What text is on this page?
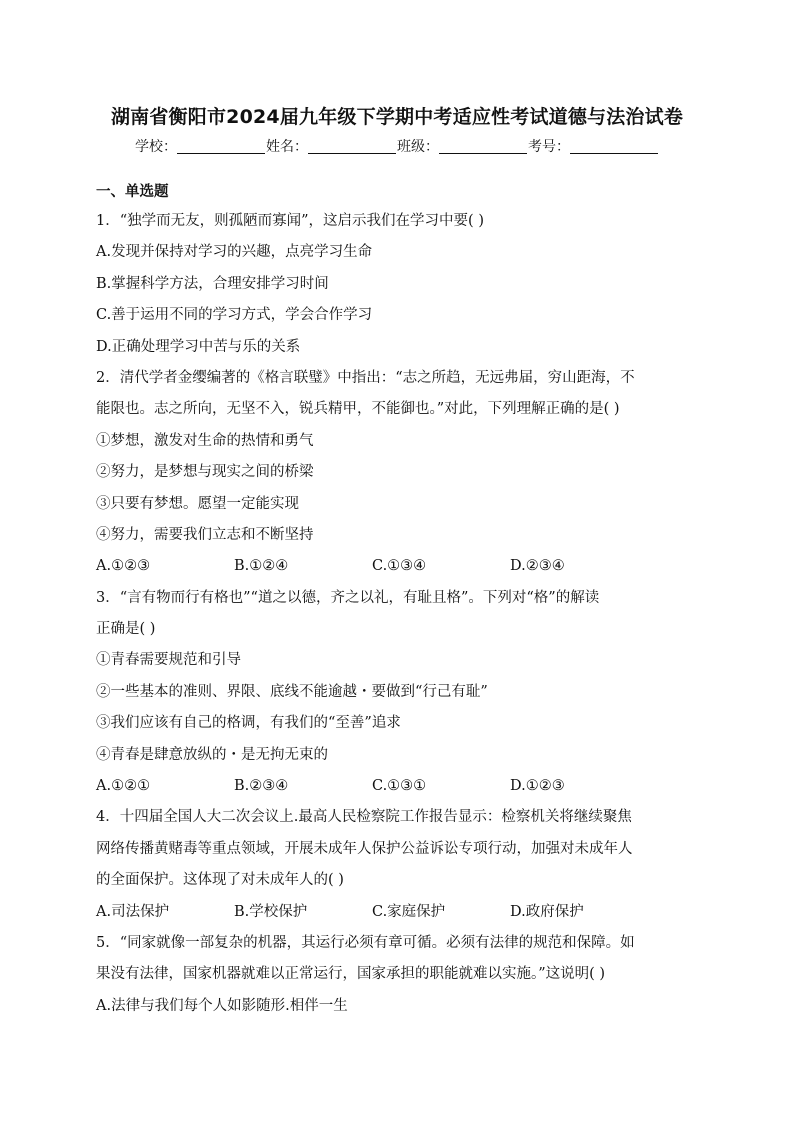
湖南省衡阳市2024届九年级下学期中考适应性考试道德与法治试卷
学校：	姓名：	班级：	考号：
一、单选题
1．“独学而无友，则孤陋而寡闻”，这启示我们在学习中要( )
A.发现并保持对学习的兴趣，点亮学习生命
B.掌握科学方法，合理安排学习时间
C.善于运用不同的学习方式，学会合作学习
D.正确处理学习中苦与乐的关系
2．清代学者金缨编著的《格言联璧》中指出：“志之所趋，无远弗届，穷山距海，不
能限也。志之所向，无坚不入，锐兵精甲，不能御也。”对此，下列理解正确的是( )
①梦想，激发对生命的热情和勇气
②努力，是梦想与现实之间的桥梁
③只要有梦想。愿望一定能实现
④努力，需要我们立志和不断坚持
A.①②③	B.①②④	C.①③④	D.②③④
3．“言有物而行有格也”“道之以德，齐之以礼，有耻且格”。下列对“格”的解读
正确是( )
①青春需要规范和引导
②一些基本的准则、界限、底线不能逾越・要做到“行己有耻”
③我们应该有自己的格调，有我们的“至善”追求
④青春是肆意放纵的・是无拘无束的
A.①②①	B.②③④	C.①③①	D.①②③
4．十四届全国人大二次会议上.最高人民检察院工作报告显示：检察机关将继续聚焦
网络传播黄赌毒等重点领域，开展未成年人保护公益诉讼专项行动，加强对未成年人
的全面保护。这体现了对未成年人的( )
A.司法保护	B.学校保护	C.家庭保护	D.政府保护
5．“同家就像一部复杂的机器，其运行必须有章可循。必须有法律的规范和保障。如
果没有法律，国家机器就难以正常运行，国家承担的职能就难以实施。”这说明( )
A.法律与我们每个人如影随形.相伴一生
